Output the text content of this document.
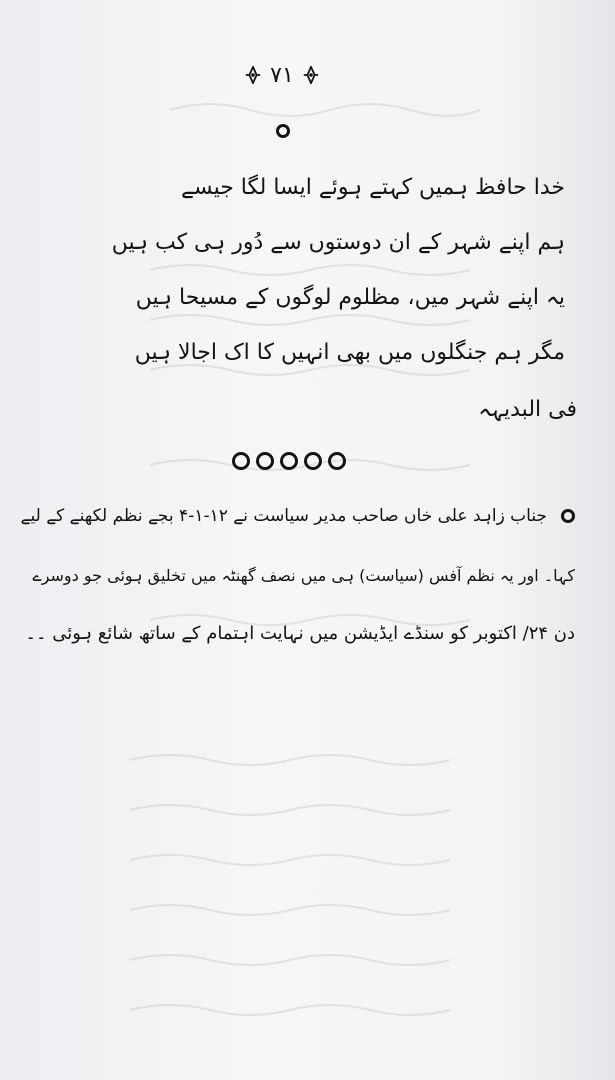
۷۱
خدا حافظ ہمیں کہتے ہوئے ایسا لگا جیسے
ہم اپنے شہر کے ان دوستوں سے دُور ہی کب ہیں
یہ اپنے شہر میں، مظلوم لوگوں کے مسیحا ہیں
مگر ہم جنگلوں میں بھی انہیں کا اک اجالا ہیں
فی البدیہہ
جناب زاہد علی خاں صاحب مدیر سیاست نے ۱۲-۱-۴ بجے نظم لکھنے کے لیے
کہا۔ اور یہ نظم آفس (سیاست) ہی میں نصف گھنٹہ میں تخلیق ہوئی جو دوسرے
دن ۲۴/ اکتوبر کو سنڈے ایڈیشن میں نہایت اہتمام کے ساتھ شائع ہوئی ۔۔
